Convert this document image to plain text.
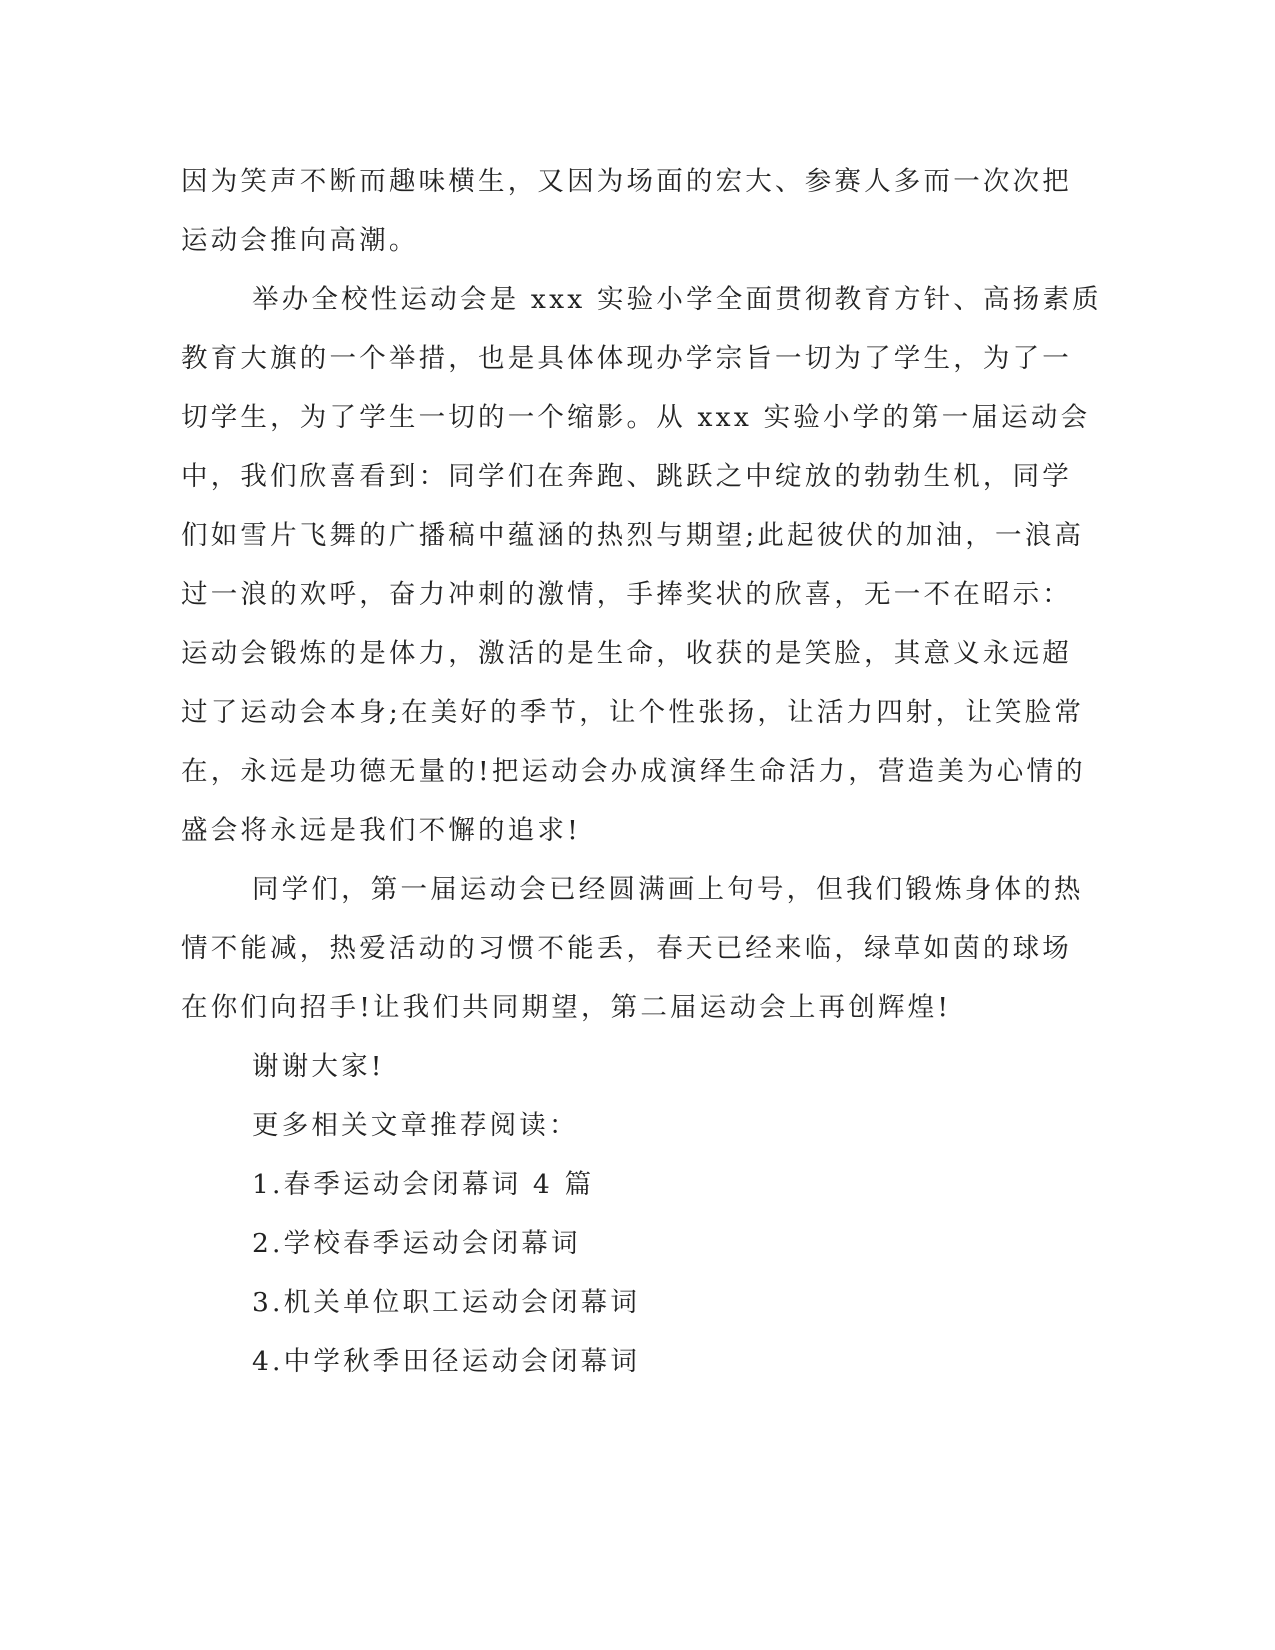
因为笑声不断而趣味横生，又因为场面的宏大、参赛人多而一次次把
运动会推向高潮。
举办全校性运动会是 xxx 实验小学全面贯彻教育方针、高扬素质
教育大旗的一个举措，也是具体体现办学宗旨一切为了学生，为了一
切学生，为了学生一切的一个缩影。从 xxx 实验小学的第一届运动会
中，我们欣喜看到：同学们在奔跑、跳跃之中绽放的勃勃生机，同学
们如雪片飞舞的广播稿中蕴涵的热烈与期望;此起彼伏的加油，一浪高
过一浪的欢呼，奋力冲刺的激情，手捧奖状的欣喜，无一不在昭示：
运动会锻炼的是体力，激活的是生命，收获的是笑脸，其意义永远超
过了运动会本身;在美好的季节，让个性张扬，让活力四射，让笑脸常
在，永远是功德无量的!把运动会办成演绎生命活力，营造美为心情的
盛会将永远是我们不懈的追求!
同学们，第一届运动会已经圆满画上句号，但我们锻炼身体的热
情不能减，热爱活动的习惯不能丢，春天已经来临，绿草如茵的球场
在你们向招手!让我们共同期望，第二届运动会上再创辉煌!
谢谢大家!
更多相关文章推荐阅读：
1.春季运动会闭幕词 4 篇
2.学校春季运动会闭幕词
3.机关单位职工运动会闭幕词
4.中学秋季田径运动会闭幕词
